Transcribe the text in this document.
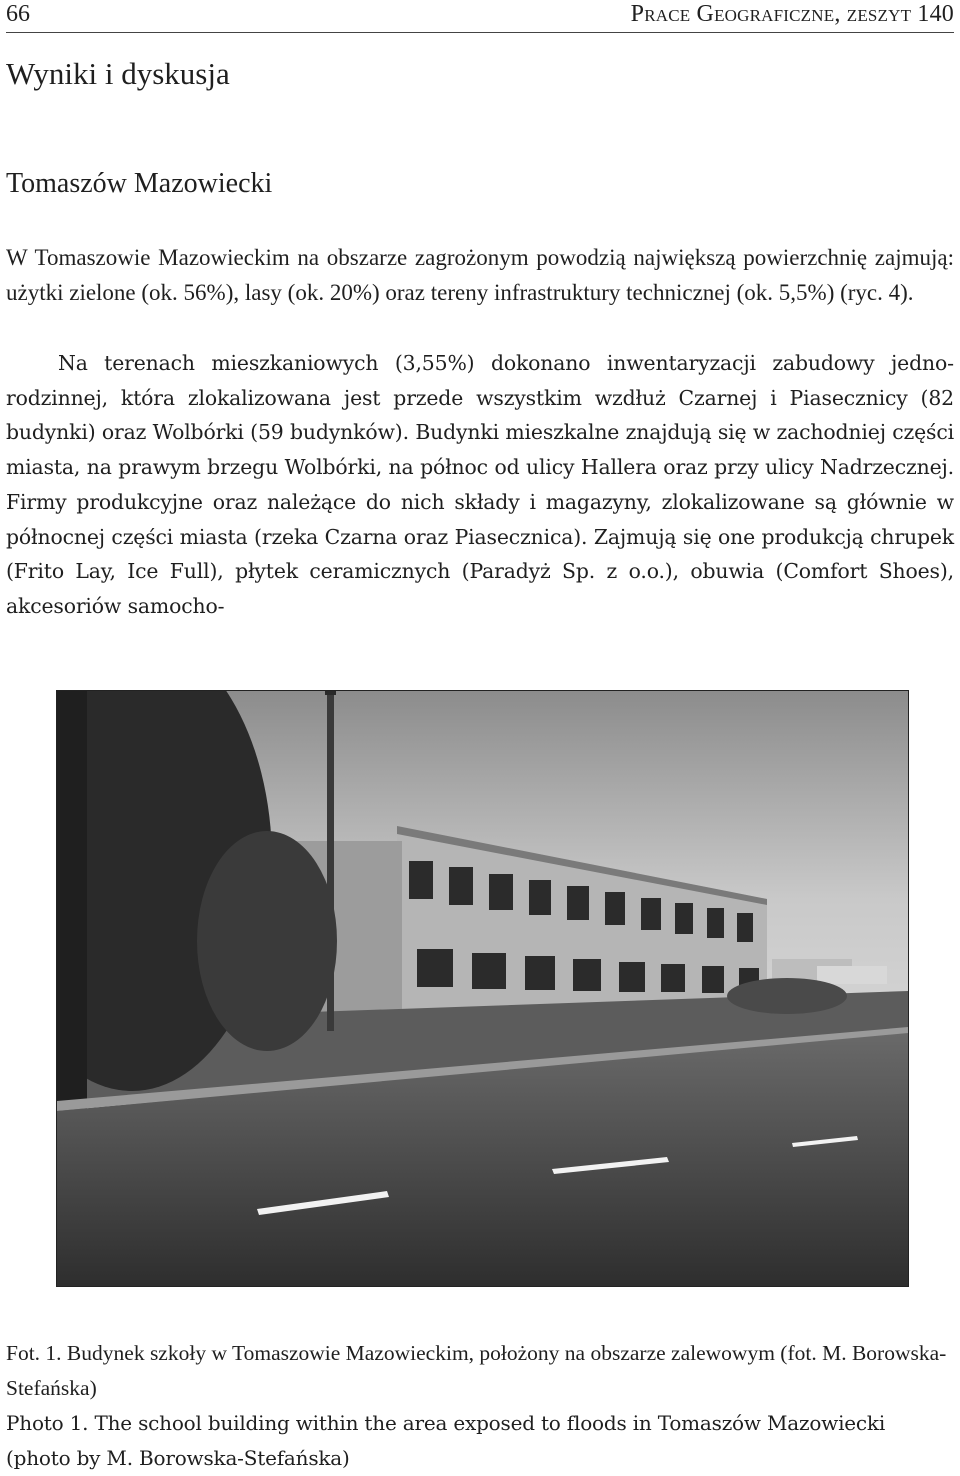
66	Prace Geograficzne, zeszyt 140
Wyniki i dyskusja
Tomaszów Mazowiecki

W Tomaszowie Mazowieckim na obszarze zagrożonym powodzią największą powierzchnię zajmują: użytki zielone (ok. 56%), lasy (ok. 20%) oraz tereny infrastruktury technicznej (ok. 5,5%) (ryc. 4).

Na terenach mieszkaniowych (3,55%) dokonano inwentaryzacji zabudowy jednorodzinnej, która zlokalizowana jest przede wszystkim wzdłuż Czarnej i Piasecznicy (82 budynki) oraz Wolbórki (59 budynków). Budynki mieszkalne znajdują się w zachodniej części miasta, na prawym brzegu Wolbórki, na północ od ulicy Hallera oraz przy ulicy Nadrzecznej. Firmy produkcyjne oraz należące do nich składy i magazyny, zlokalizowane są głównie w północnej części miasta (rzeka Czarna oraz Piasecznica). Zajmują się one produkcją chrupek (Frito Lay, Ice Full), płytek ceramicznych (Paradyż Sp. z o.o.), obuwia (Comfort Shoes), akcesoriów samocho-

Fot. 1. Budynek szkoły w Tomaszowie Mazowieckim, położony na obszarze zalewowym (fot. M. Borowska-Stefańska)

Photo 1. The school building within the area exposed to floods in Tomaszów Mazowiecki (photo by M. Borowska-Stefańska)
